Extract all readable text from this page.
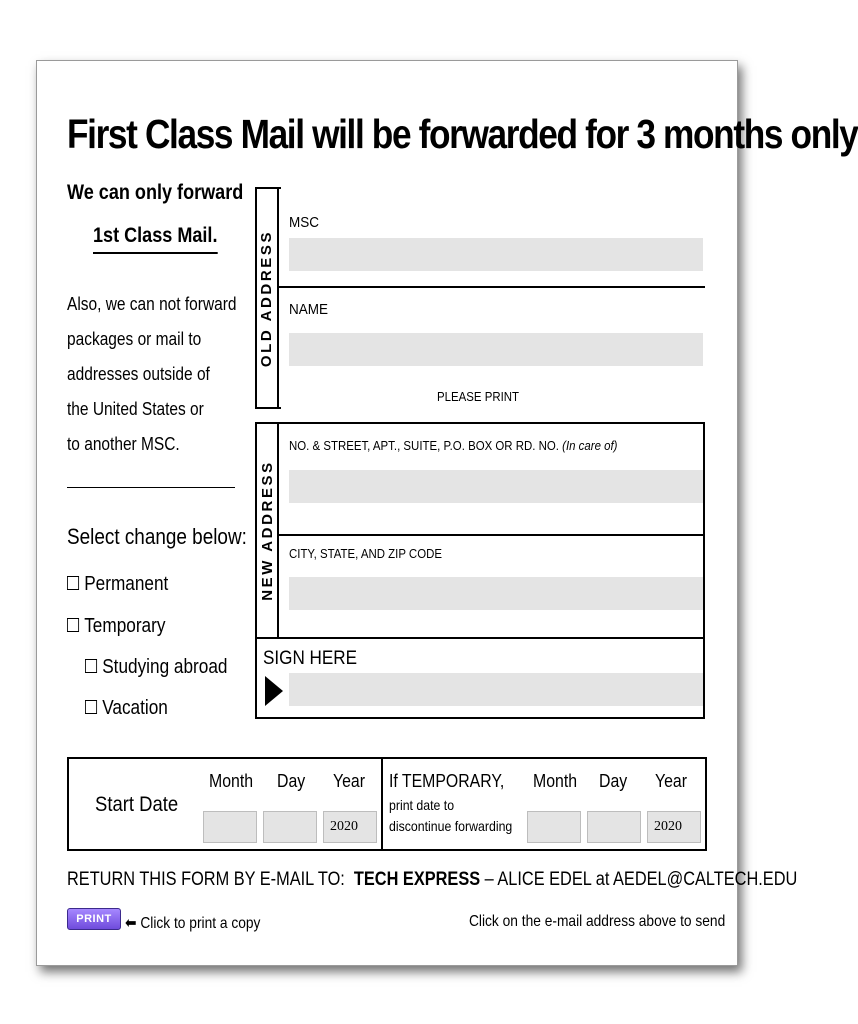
First Class Mail will be forwarded for 3 months only
We can only forward
1st Class Mail.
Also, we can not forward
packages or mail to
addresses outside of
the United States or
to another MSC.
Select change below:
Permanent
Temporary
Studying abroad
Vacation
OLD ADDRESS
MSC
NAME
PLEASE PRINT
NEW ADDRESS
NO. & STREET, APT., SUITE, P.O. BOX OR RD. NO. (In care of)
CITY, STATE, AND ZIP CODE
SIGN HERE
Start Date
Month Day Year
2020
If TEMPORARY,
print date to
discontinue forwarding
Month Day Year
2020
RETURN THIS FORM BY E-MAIL TO: TECH EXPRESS – ALICE EDEL at AEDEL@CALTECH.EDU
PRINT ⬅ Click to print a copy	Click on the e-mail address above to send
